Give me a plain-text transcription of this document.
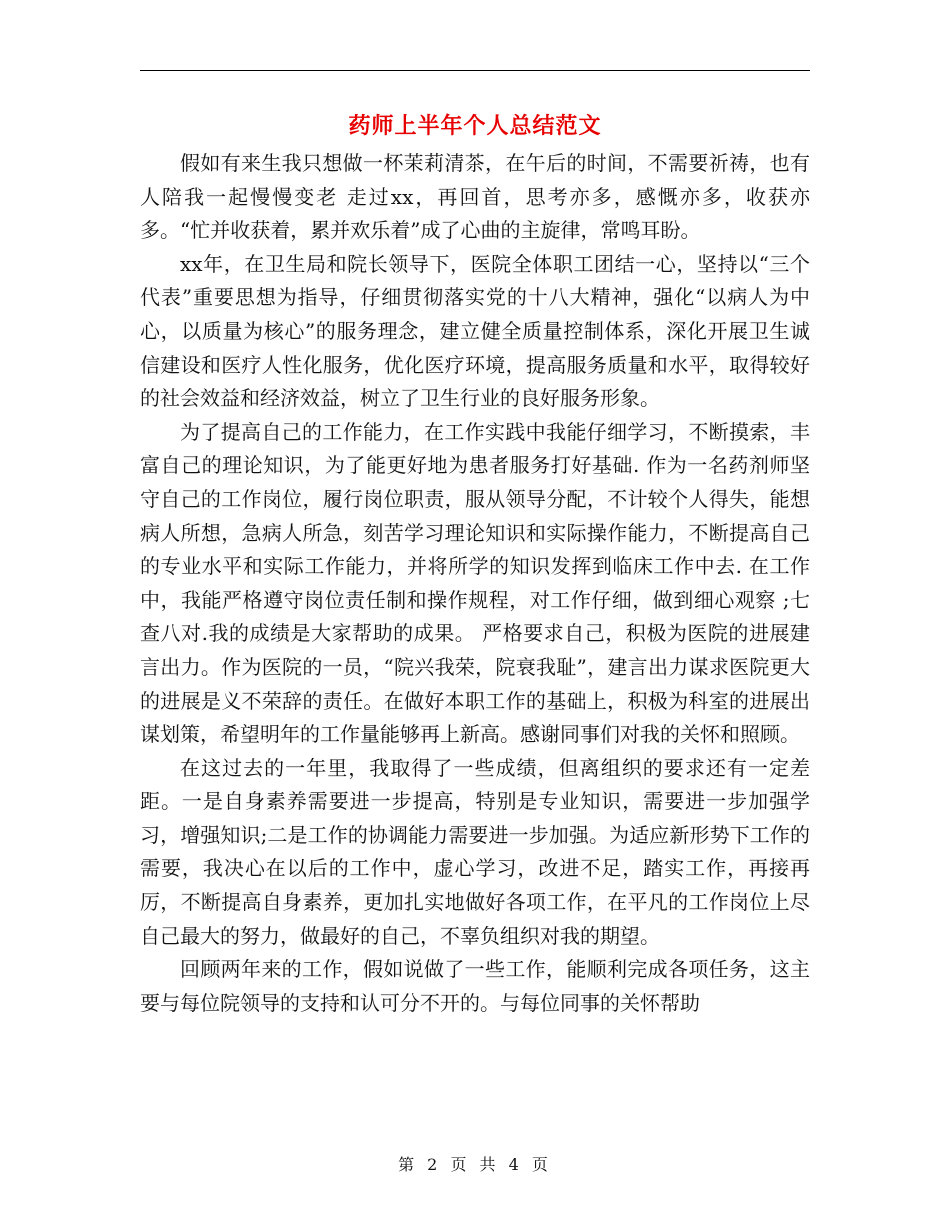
药师上半年个人总结范文

假如有来生我只想做一杯茉莉清茶，在午后的时间，不需要祈祷，也有人陪我一起慢慢变老 走过xx，再回首，思考亦多，感慨亦多，收获亦多。“忙并收获着，累并欢乐着”成了心曲的主旋律，常鸣耳盼。

xx年，在卫生局和院长领导下，医院全体职工团结一心，坚持以“三个代表”重要思想为指导，仔细贯彻落实党的十八大精神，强化“以病人为中心，以质量为核心”的服务理念，建立健全质量控制体系，深化开展卫生诚信建设和医疗人性化服务，优化医疗环境，提高服务质量和水平，取得较好的社会效益和经济效益，树立了卫生行业的良好服务形象。

为了提高自己的工作能力，在工作实践中我能仔细学习，不断摸索，丰富自己的理论知识，为了能更好地为患者服务打好基础. 作为一名药剂师坚守自己的工作岗位，履行岗位职责，服从领导分配，不计较个人得失，能想病人所想，急病人所急，刻苦学习理论知识和实际操作能力，不断提高自己的专业水平和实际工作能力，并将所学的知识发挥到临床工作中去. 在工作中，我能严格遵守岗位责任制和操作规程，对工作仔细，做到细心观察 ;七查八对.我的成绩是大家帮助的成果。 严格要求自己，积极为医院的进展建言出力。作为医院的一员，“院兴我荣，院衰我耻”，建言出力谋求医院更大的进展是义不荣辞的责任。在做好本职工作的基础上，积极为科室的进展出谋划策，希望明年的工作量能够再上新高。感谢同事们对我的关怀和照顾。

在这过去的一年里，我取得了一些成绩，但离组织的要求还有一定差距。一是自身素养需要进一步提高，特别是专业知识，需要进一步加强学习，增强知识;二是工作的协调能力需要进一步加强。为适应新形势下工作的需要，我决心在以后的工作中，虚心学习，改进不足，踏实工作，再接再厉，不断提高自身素养，更加扎实地做好各项工作，在平凡的工作岗位上尽自己最大的努力，做最好的自己，不辜负组织对我的期望。

回顾两年来的工作，假如说做了一些工作，能顺利完成各项任务，这主要与每位院领导的支持和认可分不开的。与每位同事的关怀帮助

第 2 页 共 4 页
